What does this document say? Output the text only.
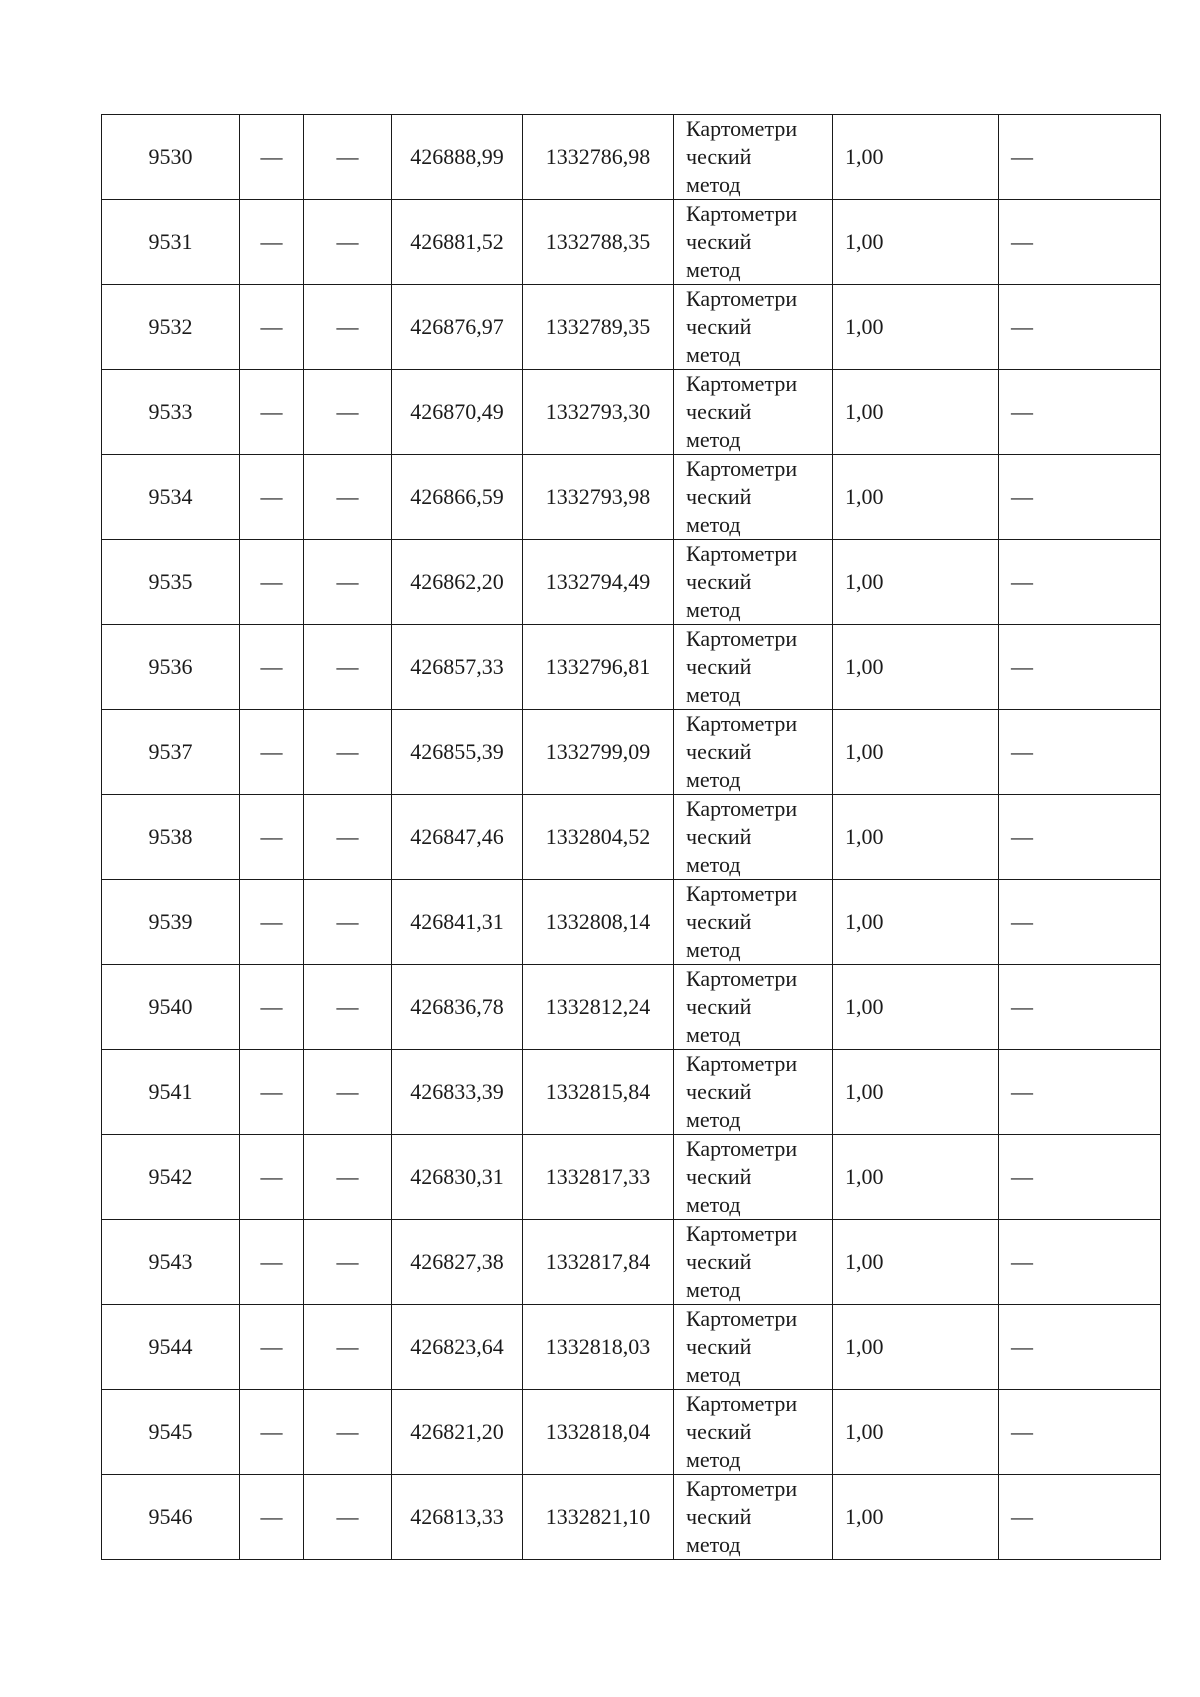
9530	—	—	426888,99	1332786,98	Картометри
ческий
метод	1,00	—
9531	—	—	426881,52	1332788,35	Картометри
ческий
метод	1,00	—
9532	—	—	426876,97	1332789,35	Картометри
ческий
метод	1,00	—
9533	—	—	426870,49	1332793,30	Картометри
ческий
метод	1,00	—
9534	—	—	426866,59	1332793,98	Картометри
ческий
метод	1,00	—
9535	—	—	426862,20	1332794,49	Картометри
ческий
метод	1,00	—
9536	—	—	426857,33	1332796,81	Картометри
ческий
метод	1,00	—
9537	—	—	426855,39	1332799,09	Картометри
ческий
метод	1,00	—
9538	—	—	426847,46	1332804,52	Картометри
ческий
метод	1,00	—
9539	—	—	426841,31	1332808,14	Картометри
ческий
метод	1,00	—
9540	—	—	426836,78	1332812,24	Картометри
ческий
метод	1,00	—
9541	—	—	426833,39	1332815,84	Картометри
ческий
метод	1,00	—
9542	—	—	426830,31	1332817,33	Картометри
ческий
метод	1,00	—
9543	—	—	426827,38	1332817,84	Картометри
ческий
метод	1,00	—
9544	—	—	426823,64	1332818,03	Картометри
ческий
метод	1,00	—
9545	—	—	426821,20	1332818,04	Картометри
ческий
метод	1,00	—
9546	—	—	426813,33	1332821,10	Картометри
ческий
метод	1,00	—
